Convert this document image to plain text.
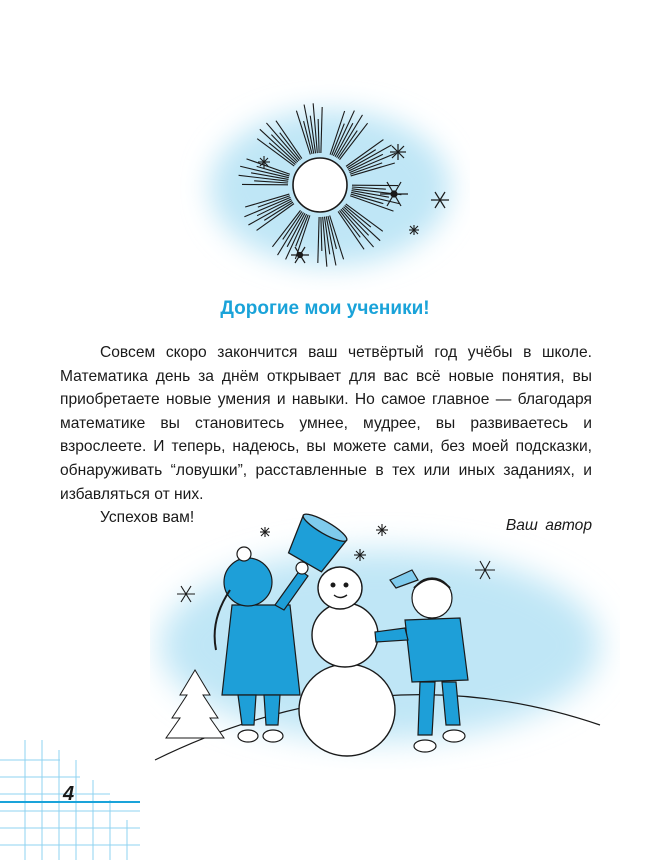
Дорогие мои ученики!

Совсем скоро закончится ваш четвёртый год учёбы в школе. Математика день за днём открывает для вас всё новые понятия, вы приобретаете новые умения и навыки. Но самое главное — благодаря математике вы становитесь умнее, мудрее, вы развиваетесь и взрослеете. И теперь, надеюсь, вы можете сами, без моей подсказки, обнаруживать “ловушки”, расставленные в тех или иных заданиях, и избавляться от них.

Успехов вам!	Ваш автор
4
